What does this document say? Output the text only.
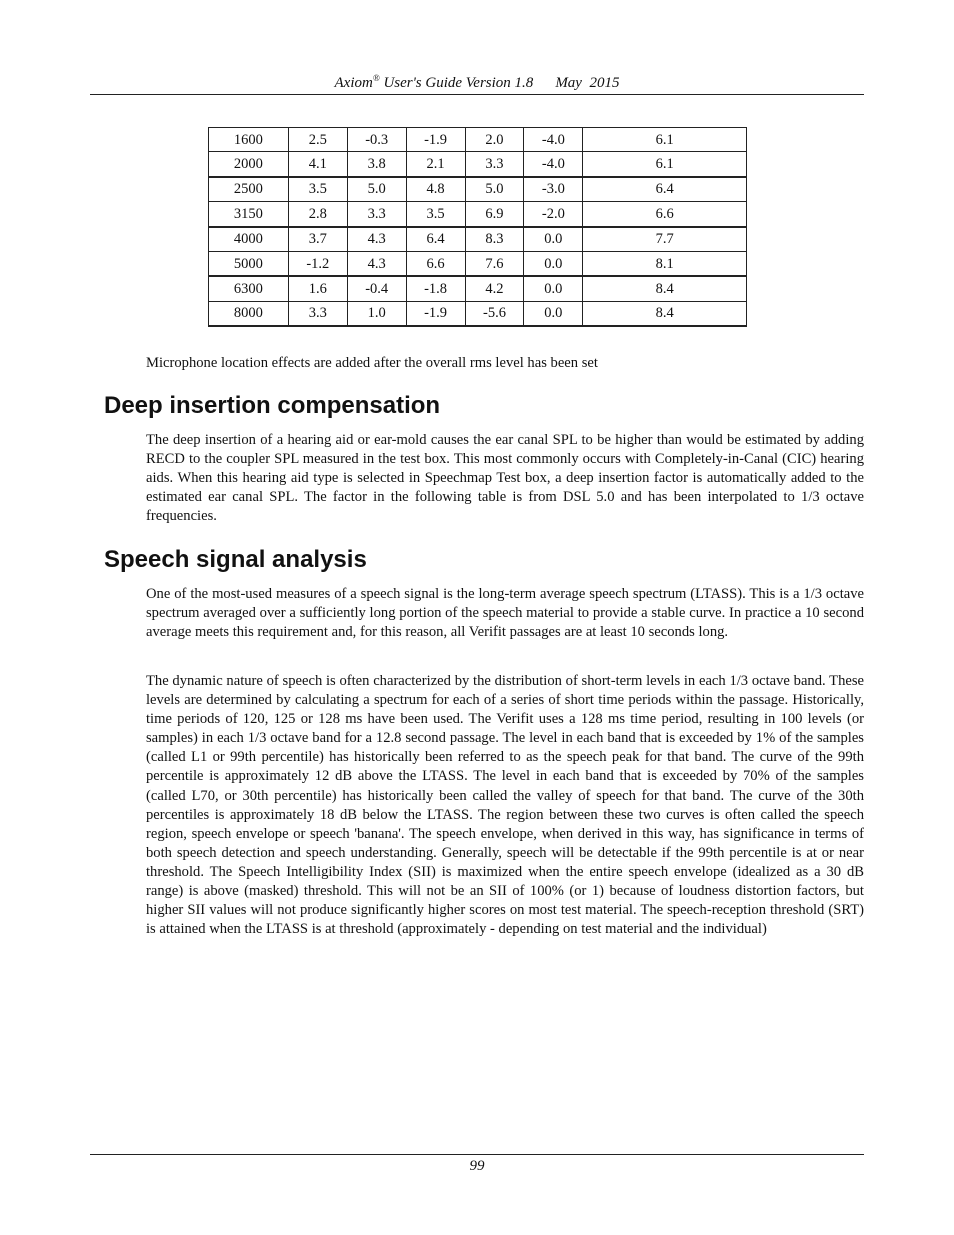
Axiom® User's Guide Version 1.8 May  2015
1600	2.5	-0.3	-1.9	2.0	-4.0	6.1
2000	4.1	3.8	2.1	3.3	-4.0	6.1
2500	3.5	5.0	4.8	5.0	-3.0	6.4
3150	2.8	3.3	3.5	6.9	-2.0	6.6
4000	3.7	4.3	6.4	8.3	0.0	7.7
5000	-1.2	4.3	6.6	7.6	0.0	8.1
6300	1.6	-0.4	-1.8	4.2	0.0	8.4
8000	3.3	1.0	-1.9	-5.6	0.0	8.4

Microphone location effects are added after the overall rms level has been set

Deep insertion compensation

The deep insertion of a hearing aid or ear-mold causes the ear canal SPL to be higher than would be estimated by adding RECD to the coupler SPL measured in the test box. This most commonly occurs with Completely-in-Canal (CIC) hearing aids. When this hearing aid type is selected in Speechmap Test box, a deep insertion factor is automatically added to the estimated ear canal SPL. The factor in the following table is from DSL 5.0 and has been interpolated to 1/3 octave frequencies.

Speech signal analysis

One of the most-used measures of a speech signal is the long-term average speech spectrum (LTASS). This is a 1/3 octave spectrum averaged over a sufficiently long portion of the speech material to provide a stable curve. In practice a 10 second average meets this requirement and, for this reason, all Verifit passages are at least 10 seconds long.

The dynamic nature of speech is often characterized by the distribution of short-term levels in each 1/3 octave band. These levels are determined by calculating a spectrum for each of a series of short time periods within the passage. Historically, time periods of 120, 125 or 128 ms have been used. The Verifit uses a 128 ms time period, resulting in 100 levels (or samples) in each 1/3 octave band for a 12.8 second passage. The level in each band that is exceeded by 1% of the samples (called L1 or 99th percentile) has historically been referred to as the speech peak for that band. The curve of the 99th percentile is approximately 12 dB above the LTASS. The level in each band that is exceeded by 70% of the samples (called L70, or 30th percentile) has historically been called the valley of speech for that band. The curve of the 30th percentiles is approximately 18 dB below the LTASS. The region between these two curves is often called the speech region, speech envelope or speech 'banana'. The speech envelope, when derived in this way, has significance in terms of both speech detection and speech understanding. Generally, speech will be detectable if the 99th percentile is at or near threshold. The Speech Intelligibility Index (SII) is maximized when the entire speech envelope (idealized as a 30 dB range) is above (masked) threshold. This will not be an SII of 100% (or 1) because of loudness distortion factors, but higher SII values will not produce significantly higher scores on most test material. The speech-reception threshold (SRT) is attained when the LTASS is at threshold (approximately - depending on test material and the individual)

99
